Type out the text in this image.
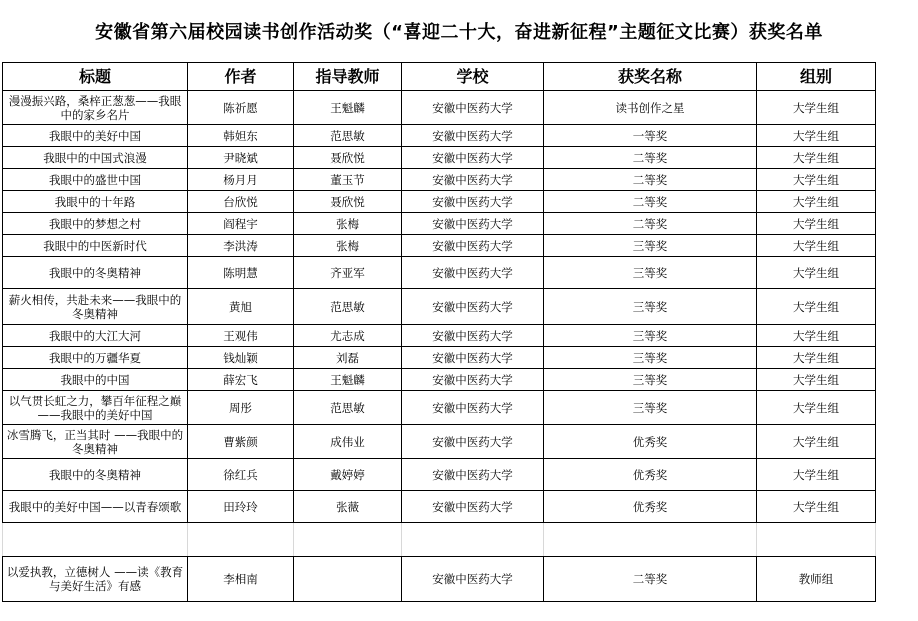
安徽省第六届校园读书创作活动奖（“喜迎二十大，奋进新征程”主题征文比赛）获奖名单
标题	作者	指导教师	学校	获奖名称	组别
漫漫振兴路，桑梓正葱葱——我眼中的家乡名片	陈祈愿	王魁麟	安徽中医药大学	读书创作之星	大学生组
我眼中的美好中国	韩妲东	范思敏	安徽中医药大学	一等奖	大学生组
我眼中的中国式浪漫	尹晓斌	聂欣悦	安徽中医药大学	二等奖	大学生组
我眼中的盛世中国	杨月月	董玉节	安徽中医药大学	二等奖	大学生组
我眼中的十年路	台欣悦	聂欣悦	安徽中医药大学	二等奖	大学生组
我眼中的梦想之村	阎程宇	张梅	安徽中医药大学	二等奖	大学生组
我眼中的中医新时代	李洪涛	张梅	安徽中医药大学	三等奖	大学生组
我眼中的冬奥精神	陈明慧	齐亚军	安徽中医药大学	三等奖	大学生组
薪火相传，共赴未来——我眼中的冬奥精神	黄旭	范思敏	安徽中医药大学	三等奖	大学生组
我眼中的大江大河	王观伟	尤志成	安徽中医药大学	三等奖	大学生组
我眼中的万疆华夏	钱灿颖	刘磊	安徽中医药大学	三等奖	大学生组
我眼中的中国	薛宏飞	王魁麟	安徽中医药大学	三等奖	大学生组
以气贯长虹之力，攀百年征程之巅——我眼中的美好中国	周彤	范思敏	安徽中医药大学	三等奖	大学生组
冰雪腾飞，正当其时 ——我眼中的冬奥精神	曹紫颜	成伟业	安徽中医药大学	优秀奖	大学生组
我眼中的冬奥精神	徐红兵	戴婷婷	安徽中医药大学	优秀奖	大学生组
我眼中的美好中国——以青春颂歌	田玲玲	张薇	安徽中医药大学	优秀奖	大学生组

以爱执教，立德树人 ——读《教育与美好生活》有感	李相南		安徽中医药大学	二等奖	教师组
